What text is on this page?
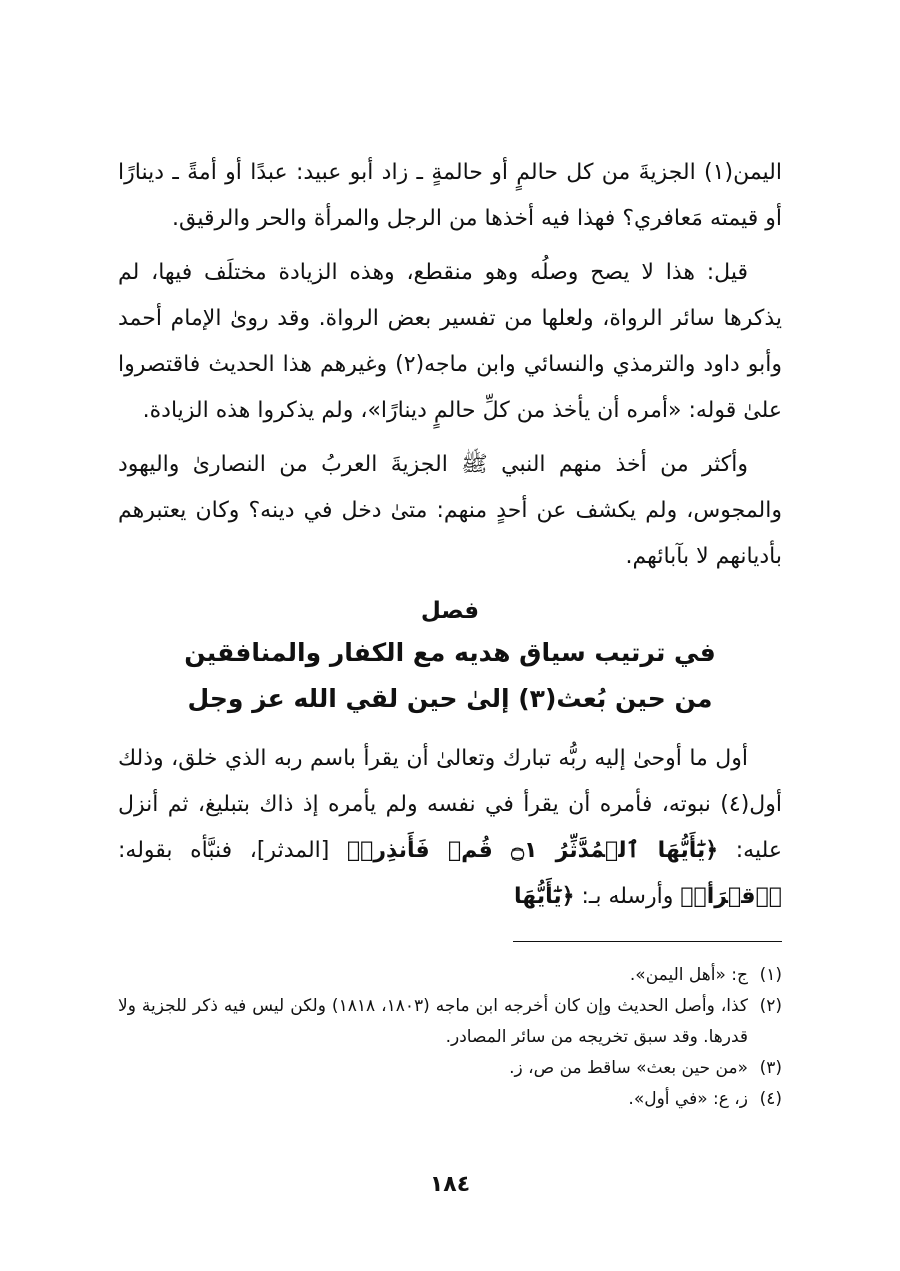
اليمن(١) الجزيةَ من كل حالمٍ أو حالمةٍ ـ زاد أبو عبيد: عبدًا أو أمةً ـ دينارًا أو قيمته مَعافري؟ فهذا فيه أخذها من الرجل والمرأة والحر والرقيق.

قيل: هذا لا يصح وصلُه وهو منقطع، وهذه الزيادة مختلَف فيها، لم يذكرها سائر الرواة، ولعلها من تفسير بعض الرواة. وقد روىٰ الإمام أحمد وأبو داود والترمذي والنسائي وابن ماجه(٢) وغيرهم هذا الحديث فاقتصروا علىٰ قوله: «أمره أن يأخذ من كلِّ حالمٍ دينارًا»، ولم يذكروا هذه الزيادة.

وأكثر من أخذ منهم النبي ﷺ الجزيةَ العربُ من النصارىٰ واليهود والمجوس، ولم يكشف عن أحدٍ منهم: متىٰ دخل في دينه؟ وكان يعتبرهم بأديانهم لا بآبائهم.

فصل
في ترتيب سياق هديه مع الكفار والمنافقين
من حين بُعث(٣) إلىٰ حين لقي الله عز وجل

أول ما أوحىٰ إليه ربُّه تبارك وتعالىٰ أن يقرأ باسم ربه الذي خلق، وذلك أول(٤) نبوته، فأمره أن يقرأ في نفسه ولم يأمره إذ ذاك بتبليغ، ثم أنزل عليه: ﴿يَٰٓأَيُّهَا ٱلۡمُدَّثِّرُ ۝١ قُمۡ فَأَنذِرۡ﴾ [المدثر]، فنبَّأه بقوله: ﴿ٱقۡرَأۡ﴾ وأرسله بـ: ﴿يَٰٓأَيُّهَا

(١)
ج: «أهل اليمن».
(٢)
كذا، وأصل الحديث وإن كان أخرجه ابن ماجه (١٨٠٣، ١٨١٨) ولكن ليس فيه ذكر للجزية ولا قدرها. وقد سبق تخريجه من سائر المصادر.
(٣)
«من حين بعث» ساقط من ص، ز.
(٤)
ز، ع: «في أول».
١٨٤
